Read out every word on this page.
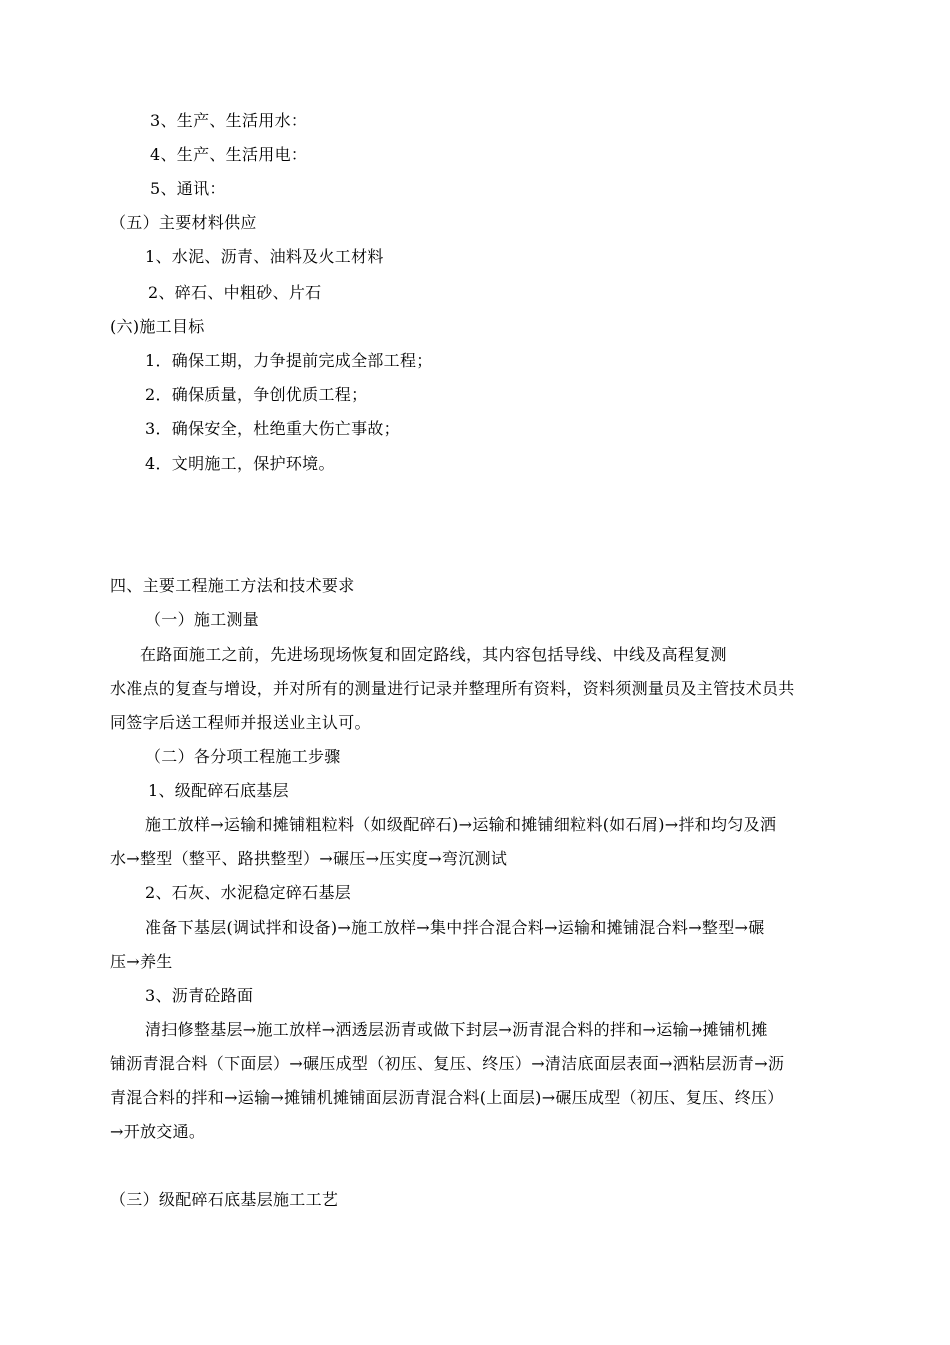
3、生产、生活用水：
4、生产、生活用电：
5、通讯：
（五）主要材料供应
1、水泥、沥青、油料及火工材料
2、碎石、中粗砂、片石
(六)施工目标
1．确保工期，力争提前完成全部工程；
2．确保质量，争创优质工程；
3．确保安全，杜绝重大伤亡事故；
4．文明施工，保护环境。
四、主要工程施工方法和技术要求
（一）施工测量
在路面施工之前，先进场现场恢复和固定路线，其内容包括导线、中线及高程复测
水准点的复查与增设，并对所有的测量进行记录并整理所有资料，资料须测量员及主管技术员共
同签字后送工程师并报送业主认可。
（二）各分项工程施工步骤
1、级配碎石底基层
施工放样→运输和摊铺粗粒料（如级配碎石)→运输和摊铺细粒料(如石屑)→拌和均匀及洒
水→整型（整平、路拱整型）→碾压→压实度→弯沉测试
2、石灰、水泥稳定碎石基层
准备下基层(调试拌和设备)→施工放样→集中拌合混合料→运输和摊铺混合料→整型→碾
压→养生
3、沥青砼路面
清扫修整基层→施工放样→洒透层沥青或做下封层→沥青混合料的拌和→运输→摊铺机摊
铺沥青混合料（下面层）→碾压成型（初压、复压、终压）→清洁底面层表面→洒粘层沥青→沥
青混合料的拌和→运输→摊铺机摊铺面层沥青混合料(上面层)→碾压成型（初压、复压、终压）
→开放交通。
（三）级配碎石底基层施工工艺
